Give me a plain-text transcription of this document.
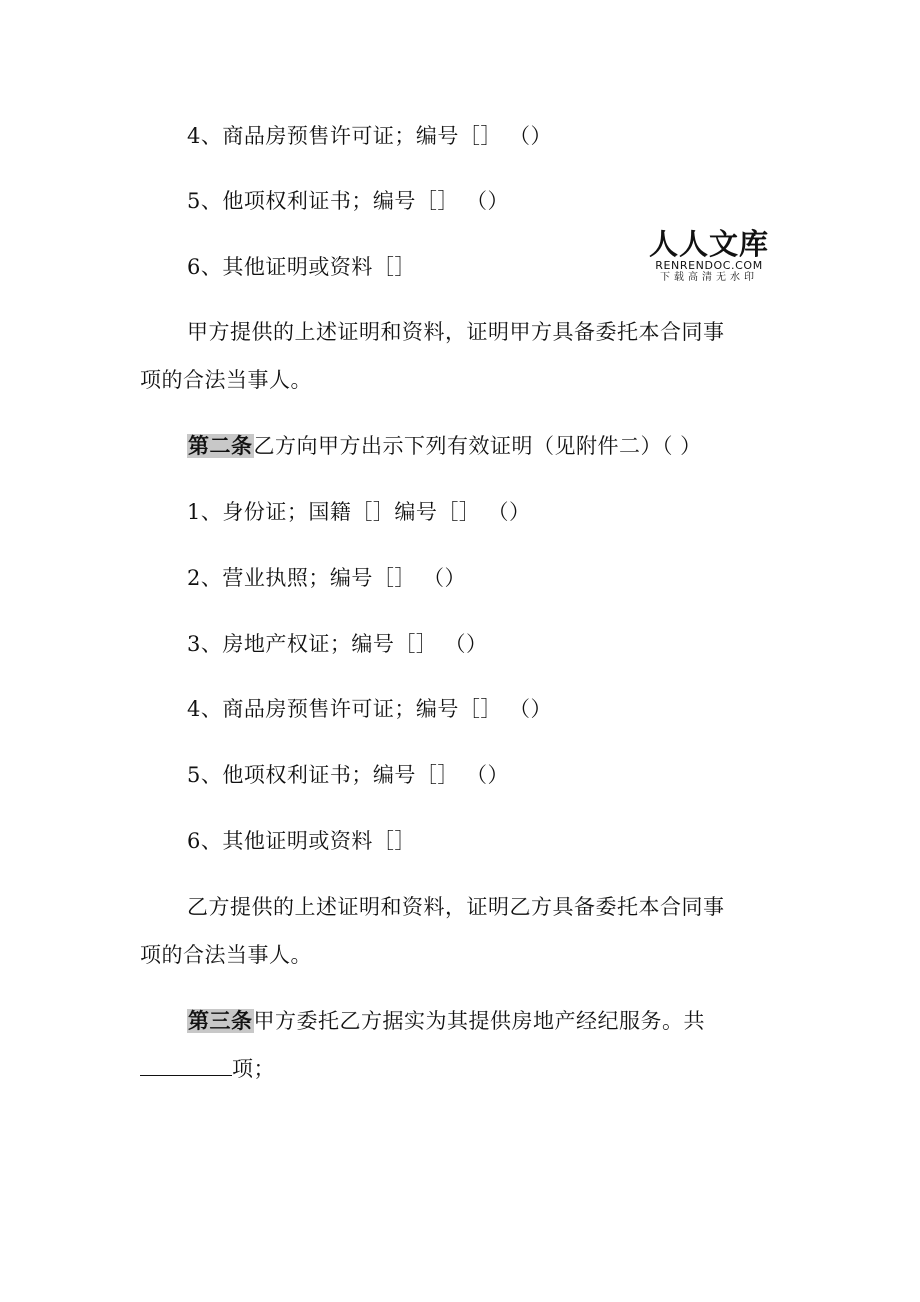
4、商品房预售许可证；编号［］ （）
5、他项权利证书；编号［］ （）
6、其他证明或资料［］
人人文库
RENRENDOC.COM
下载高清无水印
甲方提供的上述证明和资料，证明甲方具备委托本合同事
项的合法当事人。
第二条乙方向甲方出示下列有效证明（见附件二）（ ）
1、身份证；国籍［］编号［］ （）
2、营业执照；编号［］ （）
3、房地产权证；编号［］ （）
4、商品房预售许可证；编号［］ （）
5、他项权利证书；编号［］ （）
6、其他证明或资料［］
乙方提供的上述证明和资料，证明乙方具备委托本合同事
项的合法当事人。
第三条甲方委托乙方据实为其提供房地产经纪服务。共
项；
